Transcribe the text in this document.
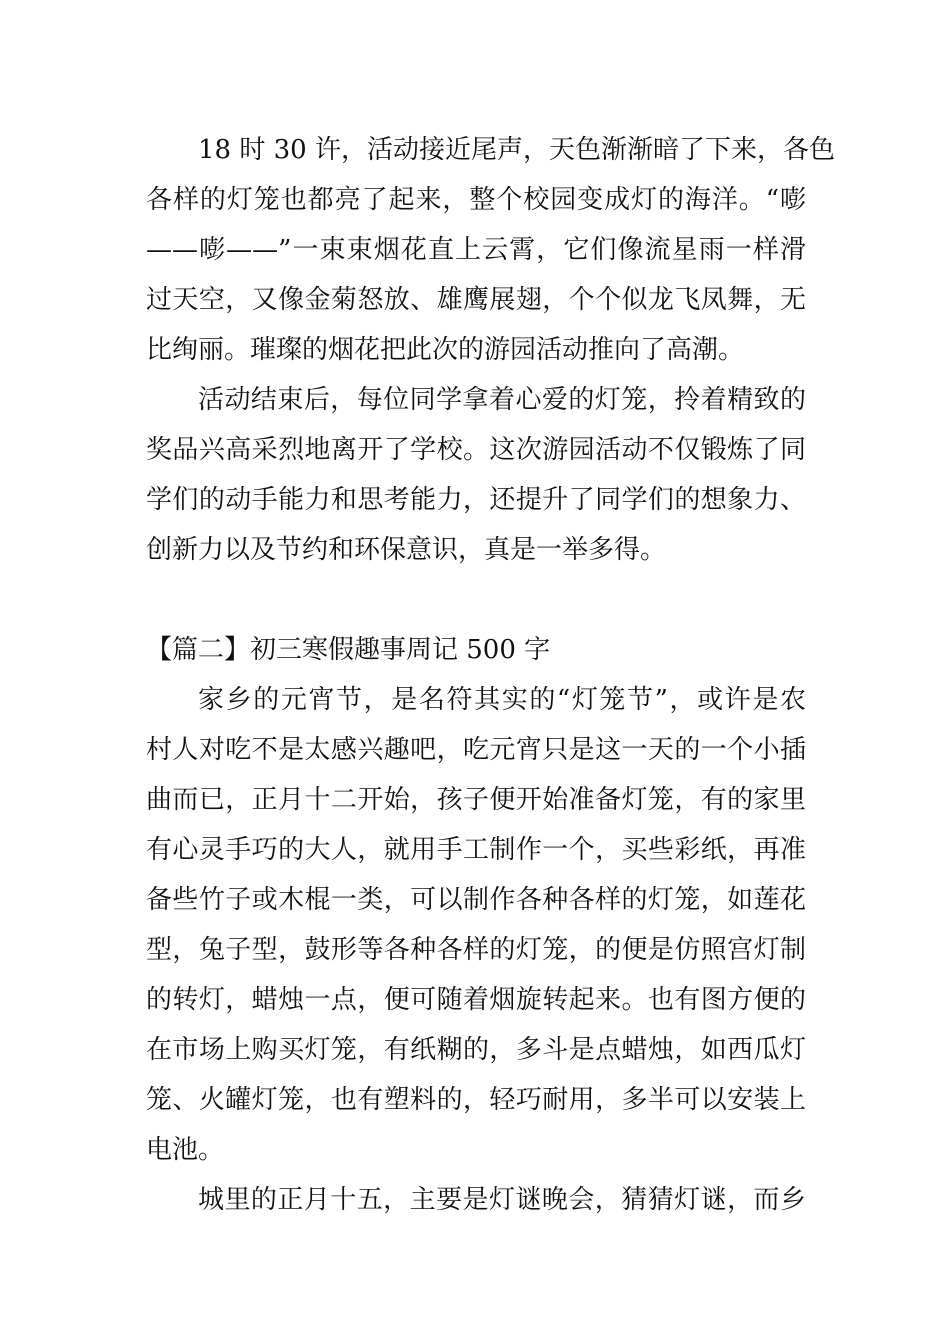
18 时 30 许，活动接近尾声，天色渐渐暗了下来，各色
各样的灯笼也都亮了起来，整个校园变成灯的海洋。“嘭
——嘭——”一束束烟花直上云霄，它们像流星雨一样滑
过天空，又像金菊怒放、雄鹰展翅，个个似龙飞凤舞，无
比绚丽。璀璨的烟花把此次的游园活动推向了高潮。
活动结束后，每位同学拿着心爱的灯笼，拎着精致的
奖品兴高采烈地离开了学校。这次游园活动不仅锻炼了同
学们的动手能力和思考能力，还提升了同学们的想象力、
创新力以及节约和环保意识，真是一举多得。
【篇二】初三寒假趣事周记 500 字
家乡的元宵节，是名符其实的“灯笼节”，或许是农
村人对吃不是太感兴趣吧，吃元宵只是这一天的一个小插
曲而已，正月十二开始，孩子便开始准备灯笼，有的家里
有心灵手巧的大人，就用手工制作一个，买些彩纸，再准
备些竹子或木棍一类，可以制作各种各样的灯笼，如莲花
型，兔子型，鼓形等各种各样的灯笼，的便是仿照宫灯制
的转灯，蜡烛一点，便可随着烟旋转起来。也有图方便的
在市场上购买灯笼，有纸糊的，多斗是点蜡烛，如西瓜灯
笼、火罐灯笼，也有塑料的，轻巧耐用，多半可以安装上
电池。
城里的正月十五，主要是灯谜晚会，猜猜灯谜，而乡
